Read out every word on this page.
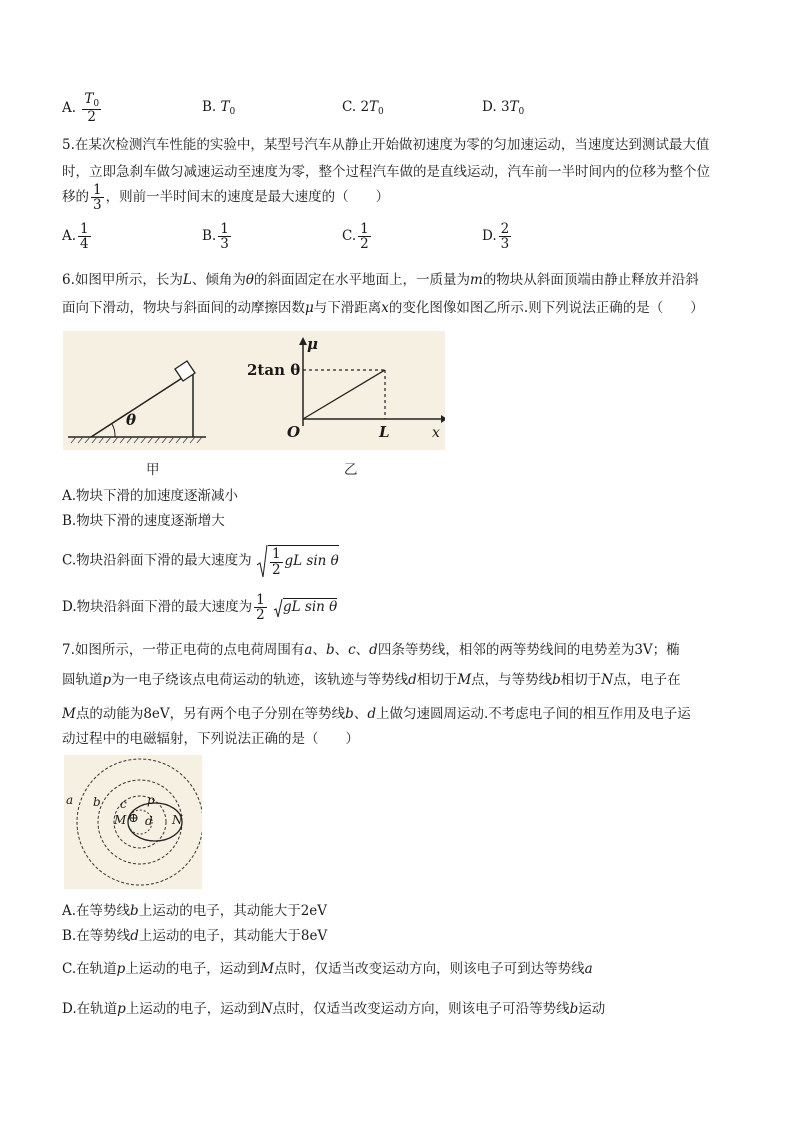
A. $\frac{T_0}{2}$	B. $T_0$	C. $2T_0$	D. $3T_0$
5.在某次检测汽车性能的实验中，某型号汽车从静止开始做初速度为零的匀加速运动，当速度达到测试最大值
时，立即急刹车做匀减速运动至速度为零，整个过程汽车做的是直线运动，汽车前一半时间内的位移为整个位
移的 $\frac{1}{3}$ ，则前一半时间末的速度是最大速度的（　　）
A. $\frac{1}{4}$	B. $\frac{1}{3}$	C. $\frac{1}{2}$	D. $\frac{2}{3}$
6.如图甲所示，长为L、倾角为θ的斜面固定在水平地面上，一质量为m的物块从斜面顶端由静止释放并沿斜
面向下滑动，物块与斜面间的动摩擦因数μ与下滑距离x的变化图像如图乙所示.则下列说法正确的是（　　）
θ
μ
2tan θ
O	L	x
甲	乙
A.物块下滑的加速度逐渐减小
B.物块下滑的速度逐渐增大
C.物块沿斜面下滑的最大速度为 $\frac{1}{2}$ gL sin θ
D.物块沿斜面下滑的最大速度为 $\frac{1}{2}$ gL sin θ
7.如图所示，一带正电荷的点电荷周围有a、b、c、d四条等势线，相邻的两等势线间的电势差为3V；椭
圆轨道p为一电子绕该点电荷运动的轨迹，该轨迹与等势线d相切于M点，与等势线b相切于N点，电子在
M点的动能为8eV，另有两个电子分别在等势线b、d上做匀速圆周运动.不考虑电子间的相互作用及电子运
动过程中的电磁辐射，下列说法正确的是（　　）
a b c p
M ⊕ d N
A.在等势线b上运动的电子，其动能大于2eV
B.在等势线d上运动的电子，其动能大于8eV
C.在轨道p上运动的电子，运动到M点时，仅适当改变运动方向，则该电子可到达等势线a
D.在轨道p上运动的电子，运动到N点时，仅适当改变运动方向，则该电子可沿等势线b运动
